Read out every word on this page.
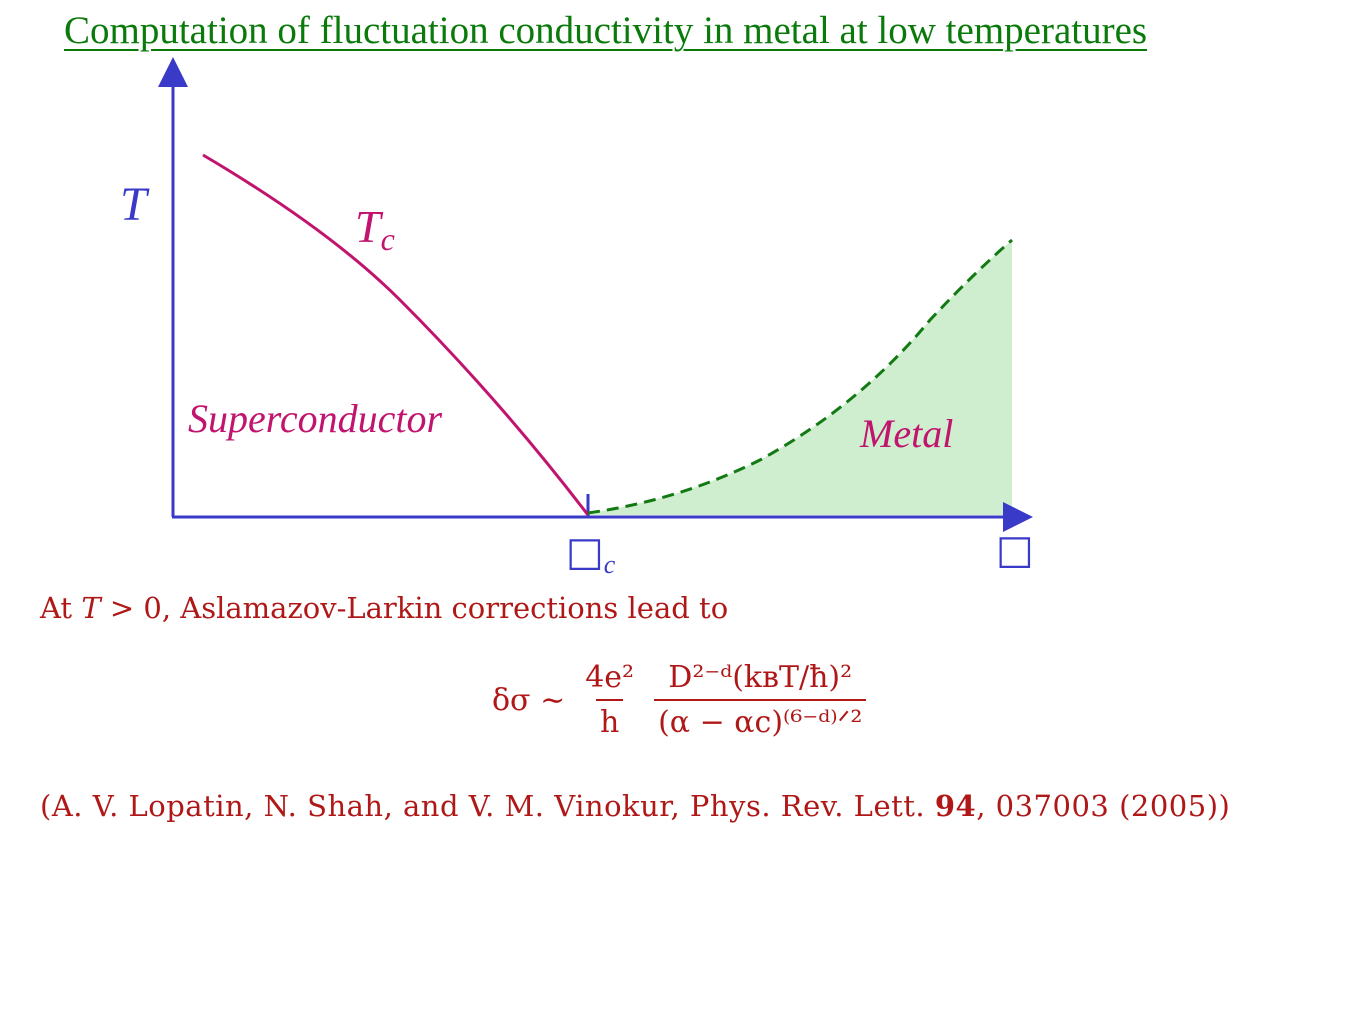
Computation of fluctuation conductivity in metal at low temperatures
T	Tc
Superconductor	Metal
$□_c$	□
At T > 0, Aslamazov-Larkin corrections lead to
δσ ∼ $\frac{\text{4e²}}{h} \frac{\text{D²⁻ᵈ(kʙT/ħ)²}}{\text{(α − αc)⁽⁶⁻ᵈ⁾ᐟ²}}$
(A. V. Lopatin, N. Shah, and V. M. Vinokur, Phys. Rev. Lett. 94, 037003 (2005))
